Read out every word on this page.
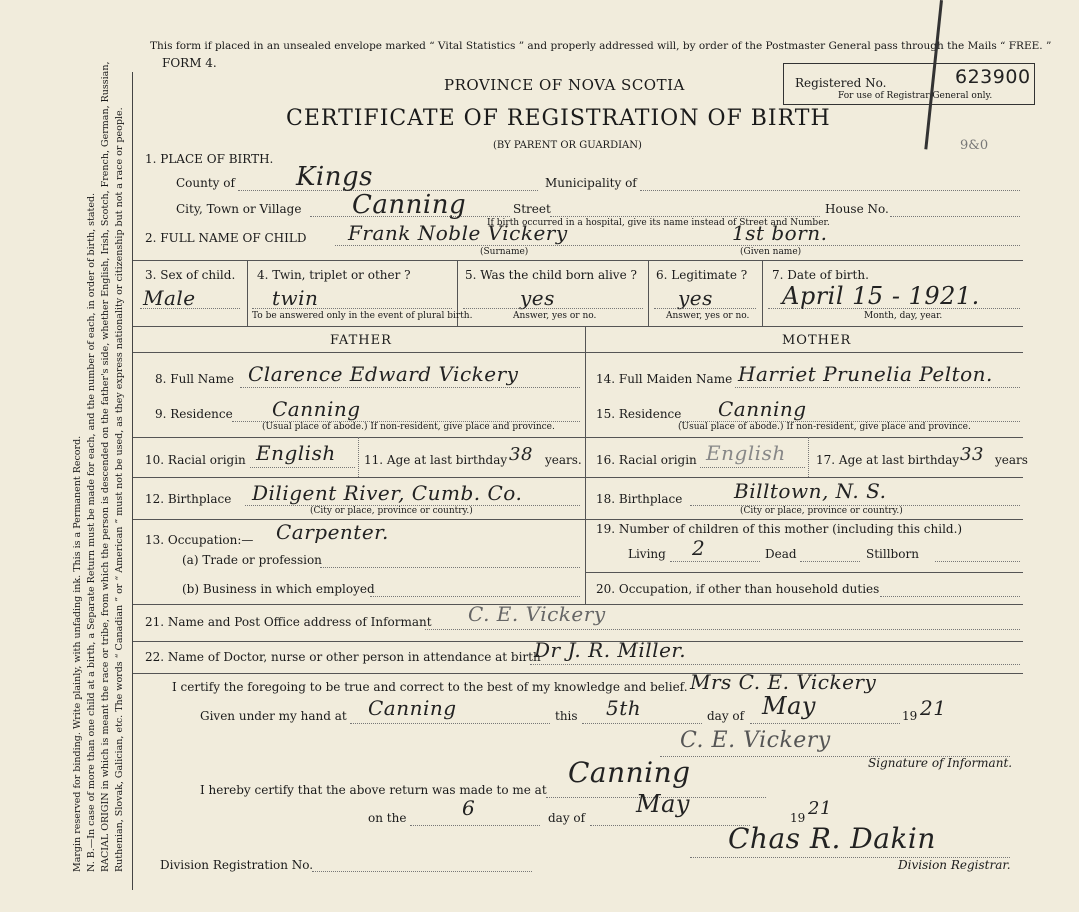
Margin reserved for binding. Write plainly, with unfading ink. This is a Permanent Record. N. B.—In case of more than one child at a birth, a Separate Return must be made for each, and the number of each, in order of birth, stated. RACIAL ORIGIN in which is meant the race or tribe, from which the person is descended on the father's side, whether English, Irish, Scotch, French, German, Russian, Ruthenian, Slovak, Galician, etc. The words “ Canadian ” or “ American ” must not be used, as they express nationality or citizenship but not a race or people.
This form if placed in an unsealed envelope marked “ Vital Statistics ” and properly addressed will, by order of the Postmaster General pass through the Mails “ FREE. ”
FORM 4.
PROVINCE OF NOVA SCOTIA
CERTIFICATE OF REGISTRATION OF BIRTH
(BY PARENT OR GUARDIAN)
Registered No.	623900
For use of Registrar General only.
9&0
1. PLACE OF BIRTH.
County of Kings	Municipality of
City, Town or Village Canning	Street	House No.
If birth occurred in a hospital, give its name instead of Street and Number.
2. FULL NAME OF CHILD Frank Noble Vickery	1st born.
(Surname)	(Given name)
3. Sex of child.
Male
4. Twin, triplet or other ?
twin
To be answered only in the event of plural birth.
5. Was the child born alive ?
yes
Answer, yes or no.
6. Legitimate ?
yes
Answer, yes or no.
7. Date of birth.
April 15 - 1921.
Month, day, year.
FATHER	MOTHER
8. Full Name Clarence Edward Vickery
9. Residence Canning
(Usual place of abode.) If non-resident, give place and province.
10. Racial origin English 11. Age at last birthday 38 years.
12. Birthplace Diligent River, Cumb. Co.
(City or place, province or country.)
13. Occupation:— Carpenter.
(a) Trade or profession
(b) Business in which employed
14. Full Maiden Name Harriet Prunelia Pelton.
15. Residence Canning
(Usual place of abode.) If non-resident, give place and province.
16. Racial origin English	17. Age at last birthday 33 years
18. Birthplace	Billtown, N. S.
(City or place, province or country.)
19. Number of children of this mother (including this child.)
Living 2	Dead	Stillborn
20. Occupation, if other than household duties
21. Name and Post Office address of Informant C. E. Vickery
22. Name of Doctor, nurse or other person in attendance at birth
Dr J. R. Miller.
I certify the foregoing to be true and correct to the best of my knowledge and belief. Mrs C. E. Vickery
Given under my hand at Canning	this 5th	day of May	19 21
C. E. Vickery
Signature of Informant.
I hereby certify that the above return was made to me at
Canning
on the	6	day of May	19 21
Division Registration No.
Chas R. Dakin
Division Registrar.
